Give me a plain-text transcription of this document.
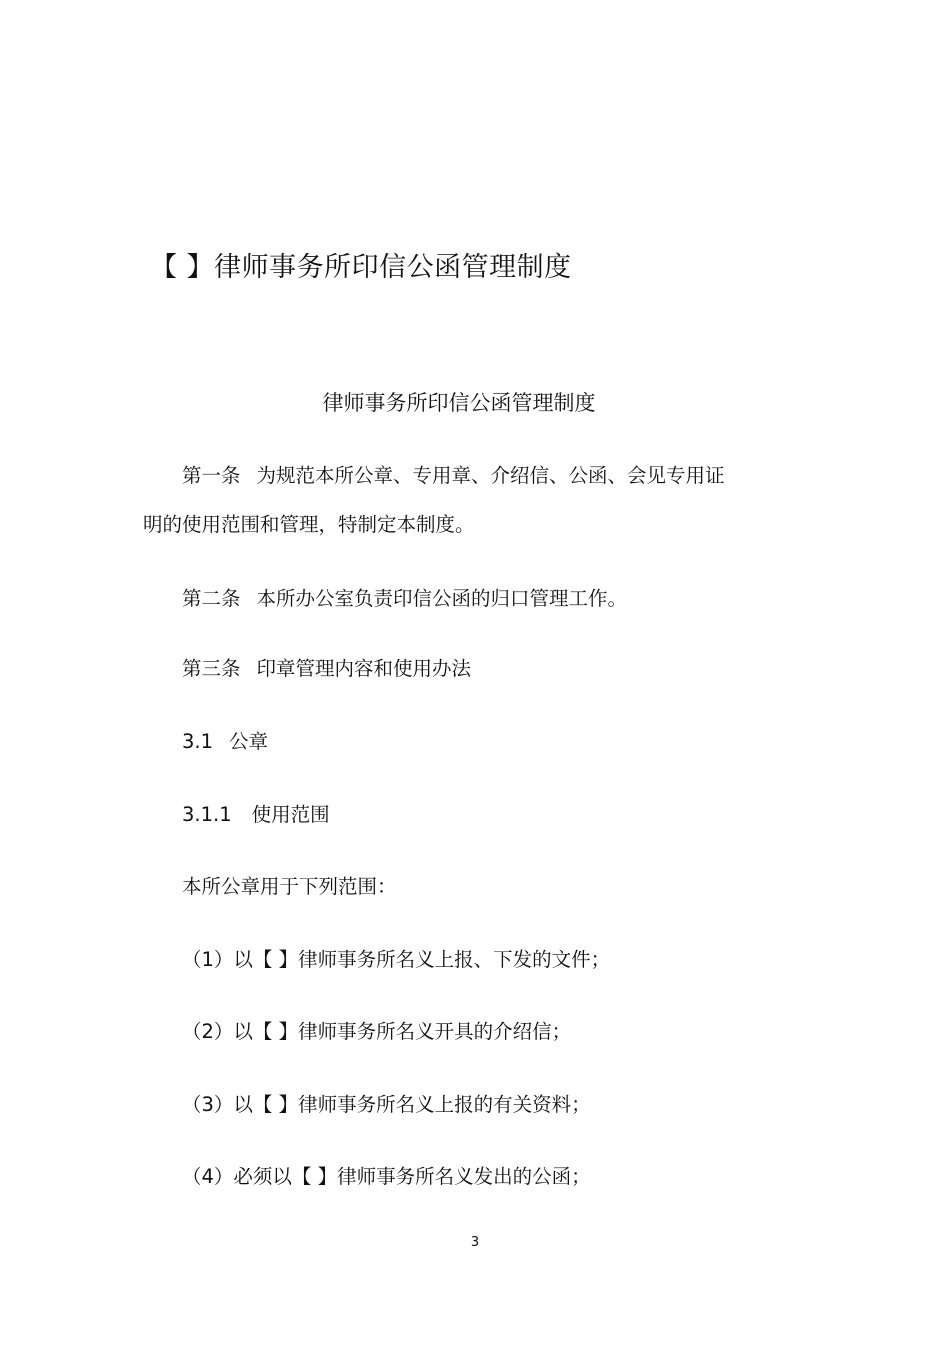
【 】律师事务所印信公函管理制度
律师事务所印信公函管理制度
第一条 为规范本所公章、专用章、介绍信、公函、会见专用证
明的使用范围和管理，特制定本制度。
第二条 本所办公室负责印信公函的归口管理工作。
第三条 印章管理内容和使用办法
3.1 公章
3.1.1 使用范围
本所公章用于下列范围：
（1）以【 】律师事务所名义上报、下发的文件；
（2）以【 】律师事务所名义开具的介绍信；
（3）以【 】律师事务所名义上报的有关资料；
（4）必须以【 】律师事务所名义发出的公函；
3
